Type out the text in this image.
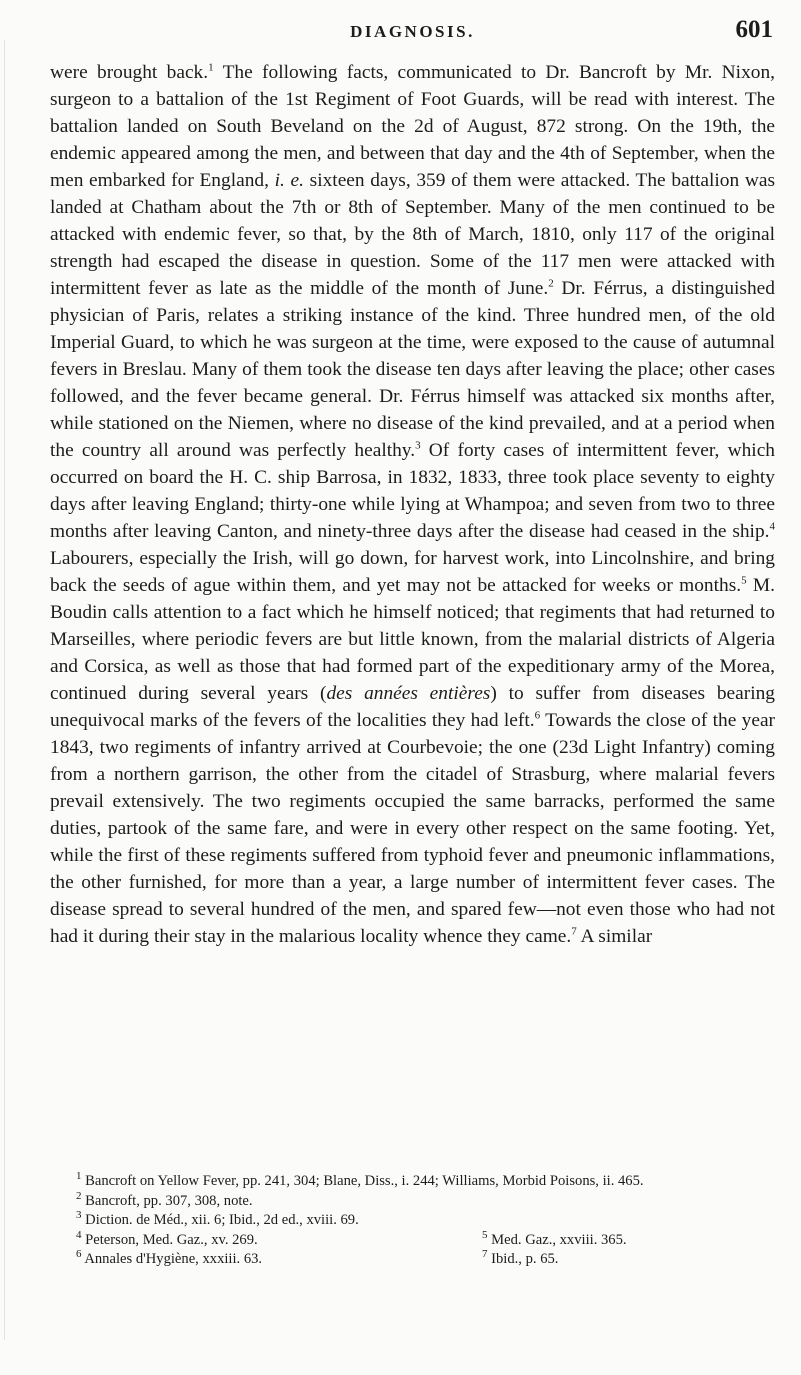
DIAGNOSIS.	601

were brought back.$^1$ The following facts, communicated to Dr. Bancroft by Mr. Nixon, surgeon to a battalion of the 1st Regiment of Foot Guards, will be read with interest. The battalion landed on South Beveland on the 2d of August, 872 strong. On the 19th, the endemic appeared among the men, and between that day and the 4th of September, when the men embarked for England, i. e. sixteen days, 359 of them were attacked. The battalion was landed at Chatham about the 7th or 8th of September. Many of the men continued to be attacked with endemic fever, so that, by the 8th of March, 1810, only 117 of the original strength had escaped the disease in question. Some of the 117 men were attacked with intermittent fever as late as the middle of the month of June.$^2$ Dr. Férrus, a distinguished physician of Paris, relates a striking instance of the kind. Three hundred men, of the old Imperial Guard, to which he was surgeon at the time, were exposed to the cause of autumnal fevers in Breslau. Many of them took the disease ten days after leaving the place; other cases followed, and the fever became general. Dr. Férrus himself was attacked six months after, while stationed on the Niemen, where no disease of the kind prevailed, and at a period when the country all around was perfectly healthy.$^3$ Of forty cases of intermittent fever, which occurred on board the H. C. ship Barrosa, in 1832, 1833, three took place seventy to eighty days after leaving England; thirty-one while lying at Whampoa; and seven from two to three months after leaving Canton, and ninety-three days after the disease had ceased in the ship.$^4$ Labourers, especially the Irish, will go down, for harvest work, into Lincolnshire, and bring back the seeds of ague within them, and yet may not be attacked for weeks or months.$^5$ M. Boudin calls attention to a fact which he himself noticed; that regiments that had returned to Marseilles, where periodic fevers are but little known, from the malarial districts of Algeria and Corsica, as well as those that had formed part of the expeditionary army of the Morea, continued during several years (des années entières) to suffer from diseases bearing unequivocal marks of the fevers of the localities they had left.$^6$ Towards the close of the year 1843, two regiments of infantry arrived at Courbevoie; the one (23d Light Infantry) coming from a northern garrison, the other from the citadel of Strasburg, where malarial fevers prevail extensively. The two regiments occupied the same barracks, performed the same duties, partook of the same fare, and were in every other respect on the same footing. Yet, while the first of these regiments suffered from typhoid fever and pneumonic inflammations, the other furnished, for more than a year, a large number of intermittent fever cases. The disease spread to several hundred of the men, and spared few—not even those who had not had it during their stay in the malarious locality whence they came.$^7$ A similar

$^1$ Bancroft on Yellow Fever, pp. 241, 304; Blane, Diss., i. 244; Williams, Morbid Poisons, ii. 465.

$^2$ Bancroft, pp. 307, 308, note.

$^3$ Diction. de Méd., xii. 6; Ibid., 2d ed., xviii. 69.

$^4$ Peterson, Med. Gaz., xv. 269.	$^5$ Med. Gaz., xxviii. 365.

$^6$ Annales d'Hygiène, xxxiii. 63.	$^7$ Ibid., p. 65.
